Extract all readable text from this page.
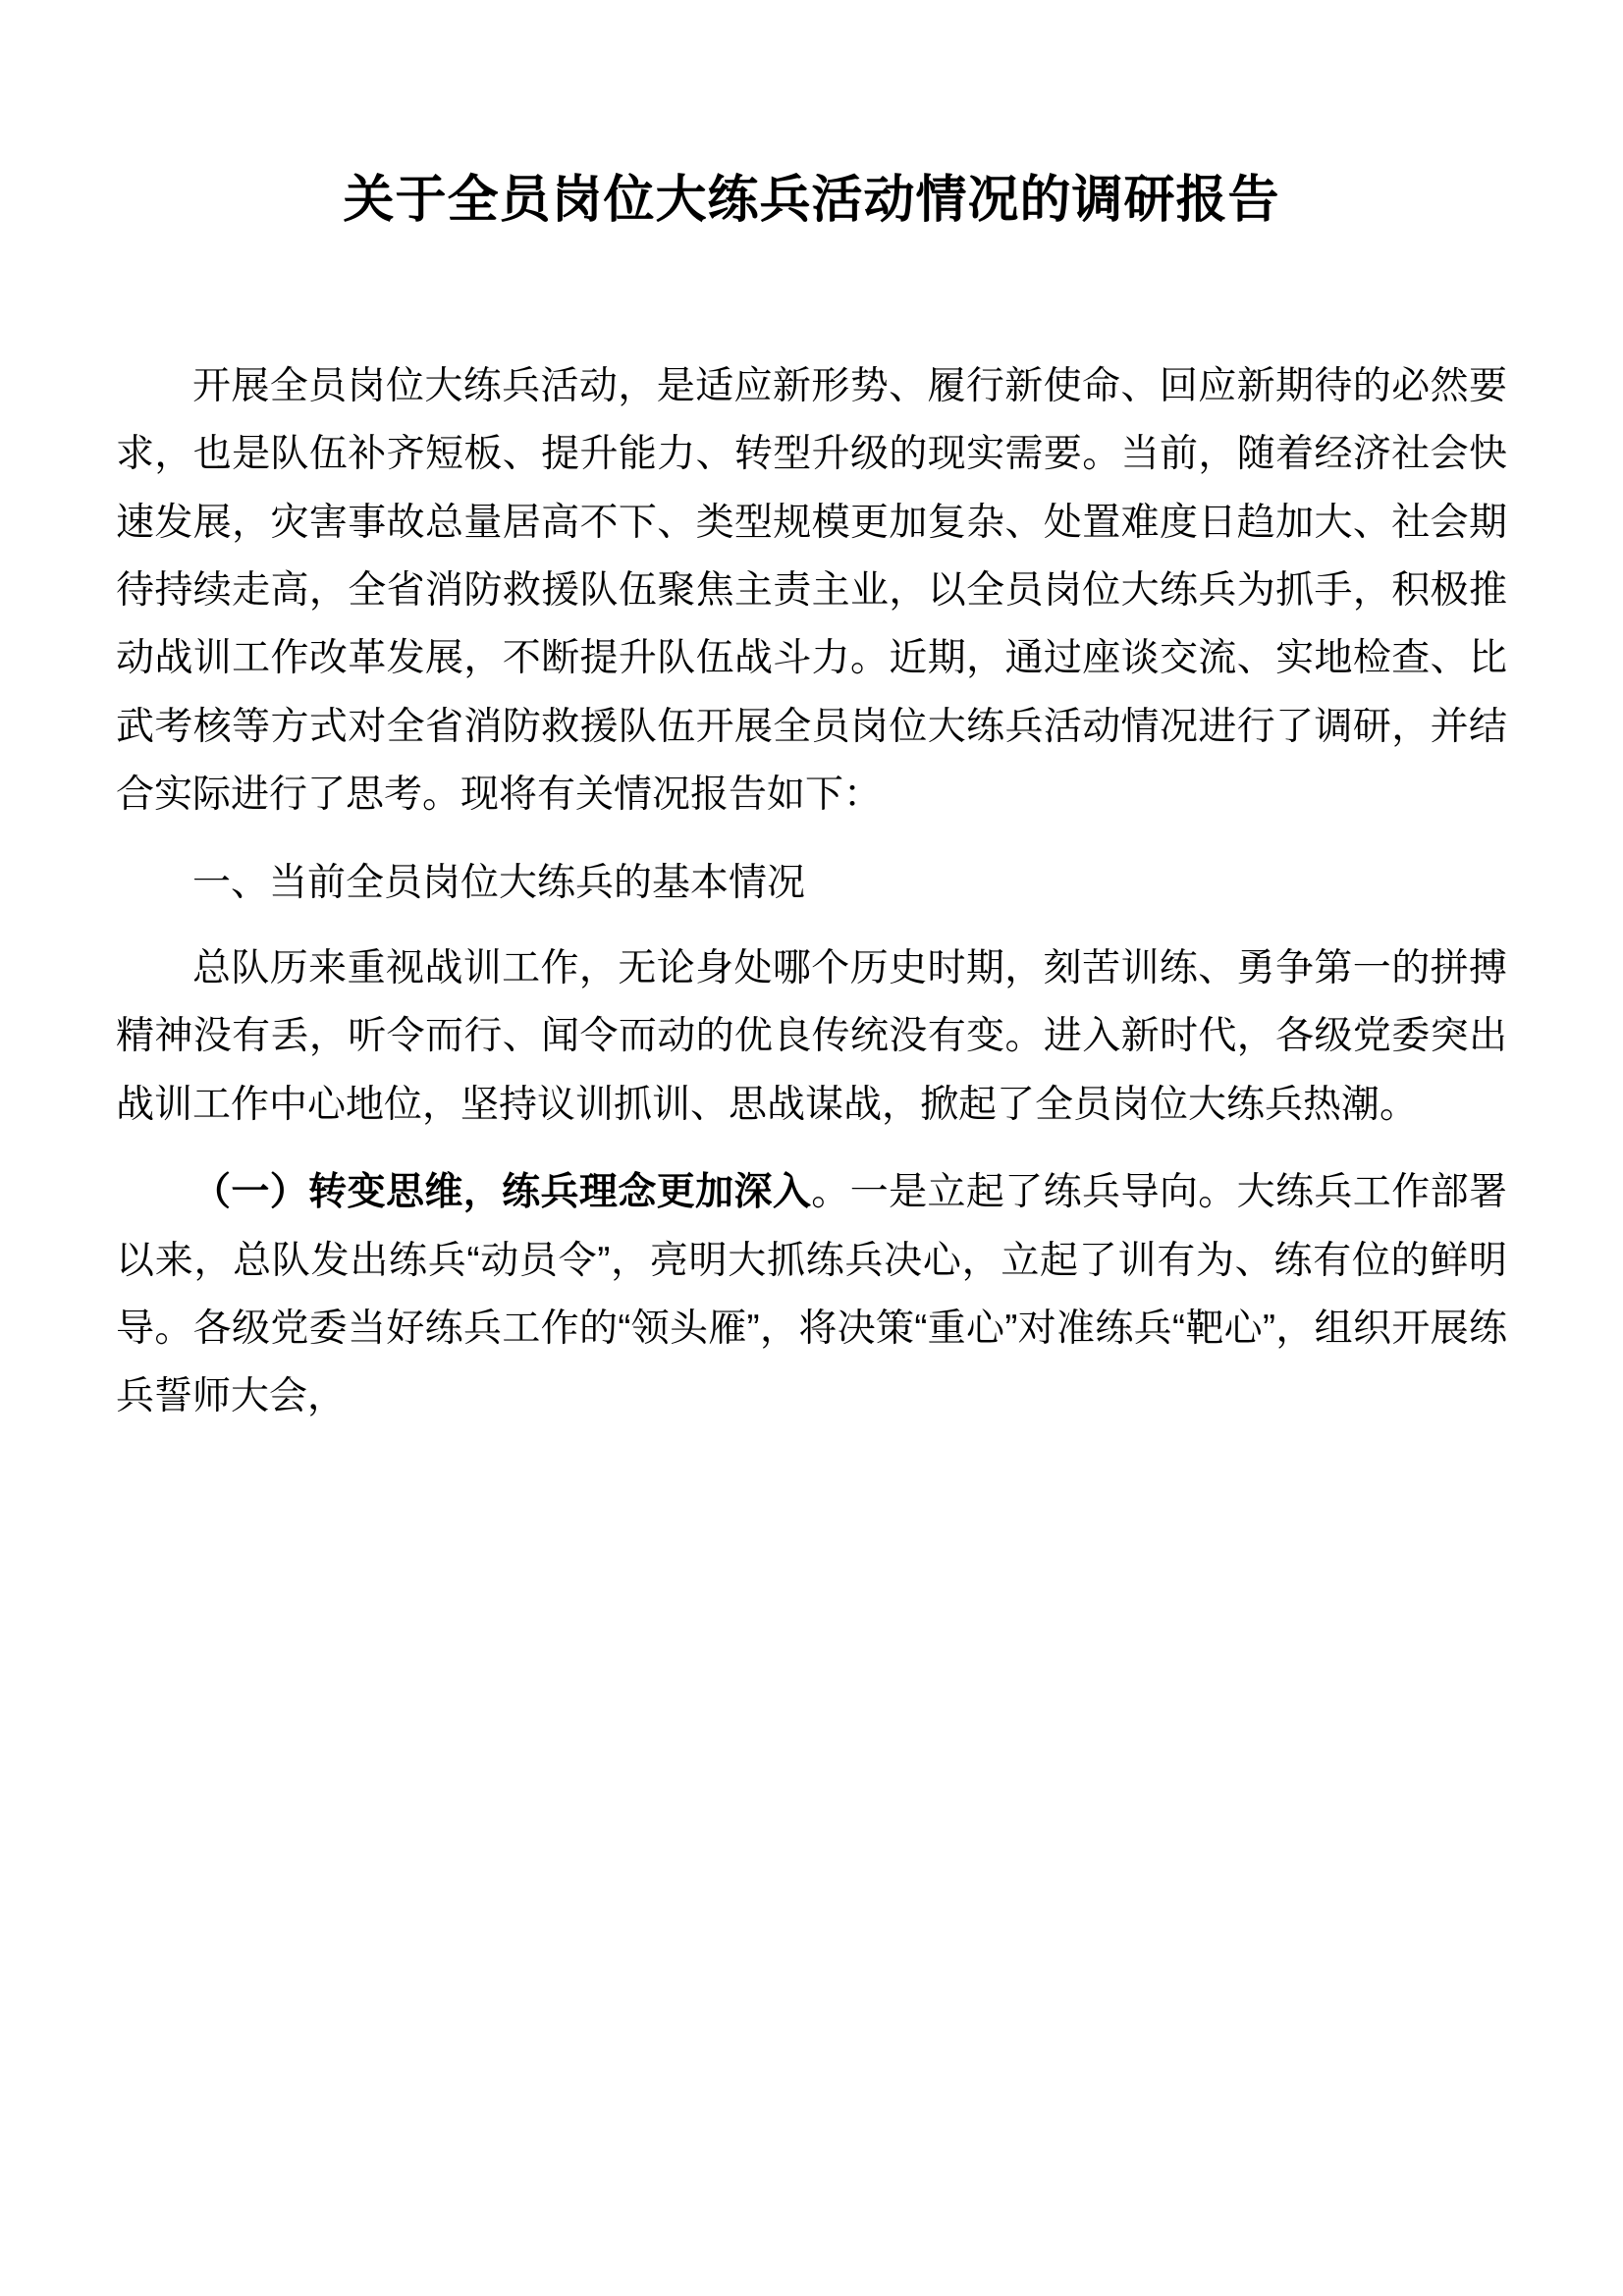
关于全员岗位大练兵活动情况的调研报告

开展全员岗位大练兵活动，是适应新形势、履行新使命、回应新期待的必然要求，也是队伍补齐短板、提升能力、转型升级的现实需要。当前，随着经济社会快速发展，灾害事故总量居高不下、类型规模更加复杂、处置难度日趋加大、社会期待持续走高，全省消防救援队伍聚焦主责主业，以全员岗位大练兵为抓手，积极推动战训工作改革发展，不断提升队伍战斗力。近期，通过座谈交流、实地检查、比武考核等方式对全省消防救援队伍开展全员岗位大练兵活动情况进行了调研，并结合实际进行了思考。现将有关情况报告如下：

一、当前全员岗位大练兵的基本情况

总队历来重视战训工作，无论身处哪个历史时期，刻苦训练、勇争第一的拼搏精神没有丢，听令而行、闻令而动的优良传统没有变。进入新时代，各级党委突出战训工作中心地位，坚持议训抓训、思战谋战，掀起了全员岗位大练兵热潮。

（一）转变思维，练兵理念更加深入。一是立起了练兵导向。大练兵工作部署以来，总队发出练兵“动员令”，亮明大抓练兵决心，立起了训有为、练有位的鲜明导。各级党委当好练兵工作的“领头雁”，将决策“重心”对准练兵“靶心”，组织开展练兵誓师大会，
